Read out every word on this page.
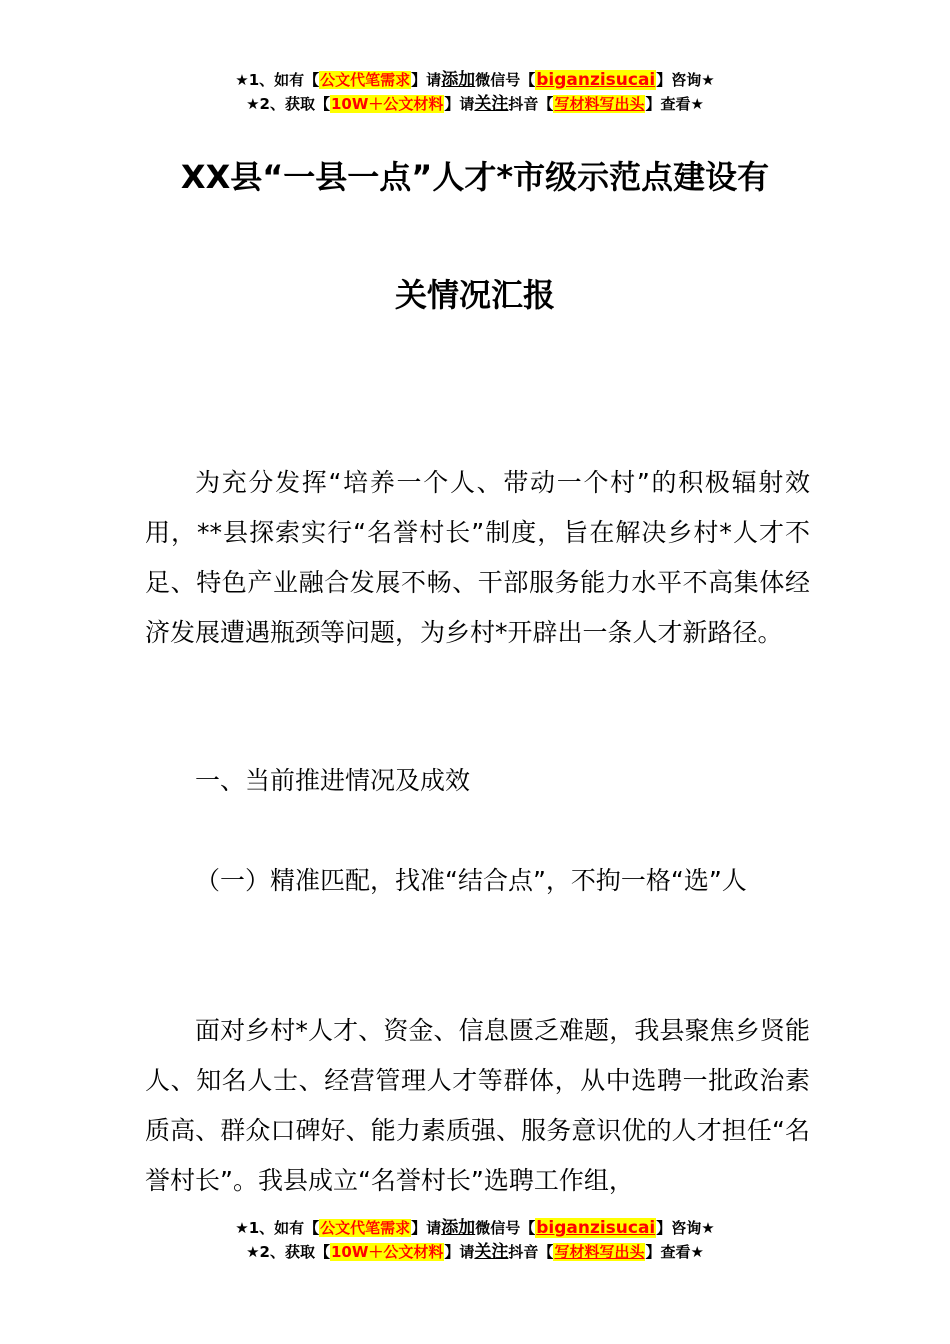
★1、如有【公文代笔需求】请添加微信号【biganzisucai】咨询★
★2、获取【10W＋公文材料】请关注抖音【写材料写出头】查看★
XX县“一县一点”人才*市级示范点建设有
关情况汇报

为充分发挥“培养一个人、带动一个村”的积极辐射效用，**县探索实行“名誉村长”制度，旨在解决乡村*人才不足、特色产业融合发展不畅、干部服务能力水平不高集体经济发展遭遇瓶颈等问题，为乡村*开辟出一条人才新路径。

一、当前推进情况及成效

（一）精准匹配，找准“结合点”，不拘一格“选”人

面对乡村*人才、资金、信息匮乏难题，我县聚焦乡贤能人、知名人士、经营管理人才等群体，从中选聘一批政治素质高、群众口碑好、能力素质强、服务意识优的人才担任“名誉村长”。我县成立“名誉村长”选聘工作组，

★1、如有【公文代笔需求】请添加微信号【biganzisucai】咨询★
★2、获取【10W＋公文材料】请关注抖音【写材料写出头】查看★
